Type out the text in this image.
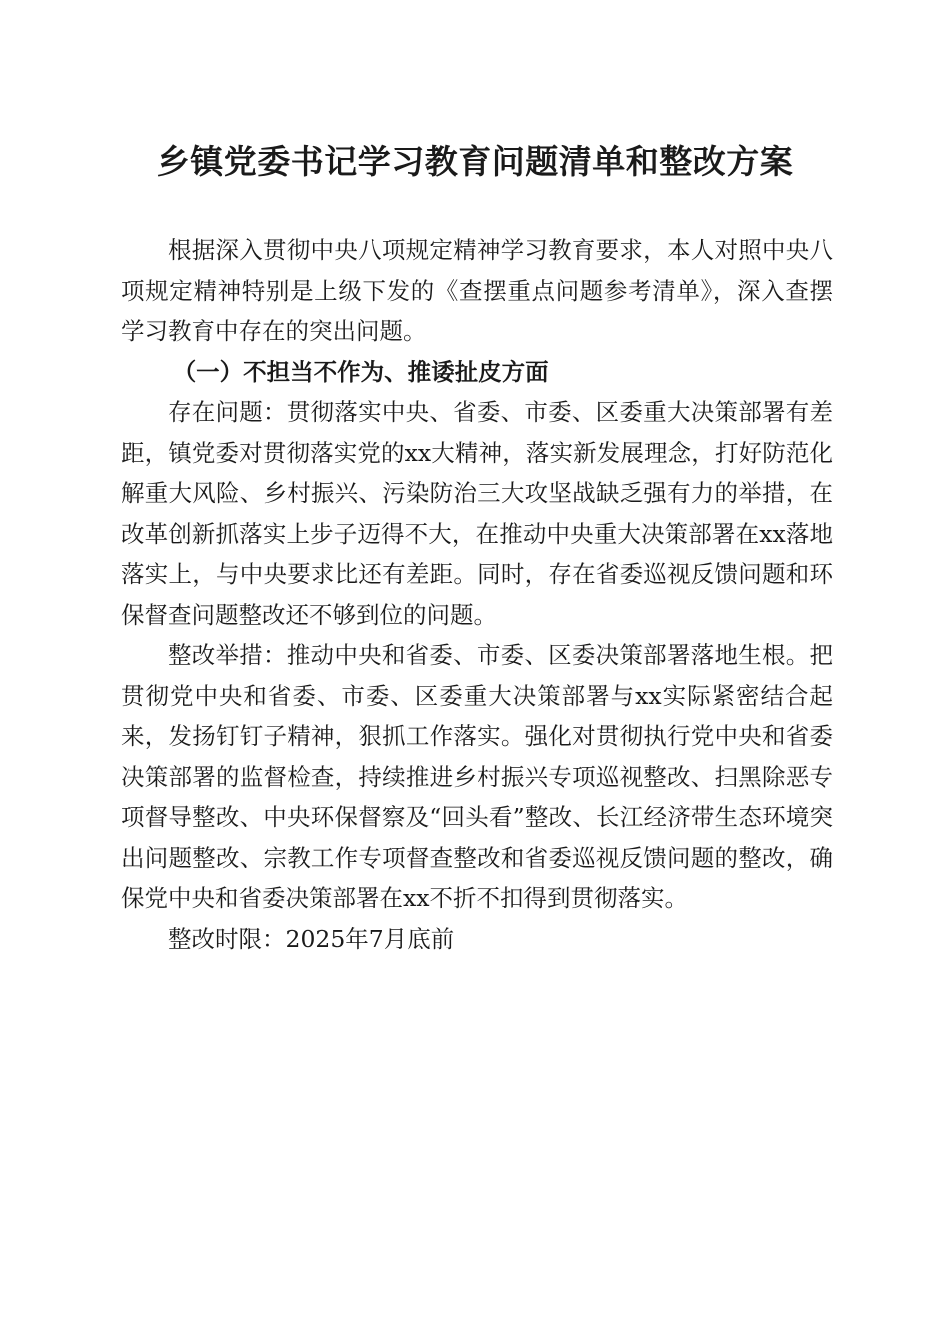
乡镇党委书记学习教育问题清单和整改方案

根据深入贯彻中央八项规定精神学习教育要求，本人对照中央八项规定精神特别是上级下发的《查摆重点问题参考清单》，深入查摆学习教育中存在的突出问题。

（一）不担当不作为、推诿扯皮方面

存在问题：贯彻落实中央、省委、市委、区委重大决策部署有差距，镇党委对贯彻落实党的xx大精神，落实新发展理念，打好防范化解重大风险、乡村振兴、污染防治三大攻坚战缺乏强有力的举措，在改革创新抓落实上步子迈得不大，在推动中央重大决策部署在xx落地落实上，与中央要求比还有差距。同时，存在省委巡视反馈问题和环保督查问题整改还不够到位的问题。

整改举措：推动中央和省委、市委、区委决策部署落地生根。把贯彻党中央和省委、市委、区委重大决策部署与xx实际紧密结合起来，发扬钉钉子精神，狠抓工作落实。强化对贯彻执行党中央和省委决策部署的监督检查，持续推进乡村振兴专项巡视整改、扫黑除恶专项督导整改、中央环保督察及“回头看”整改、长江经济带生态环境突出问题整改、宗教工作专项督查整改和省委巡视反馈问题的整改，确保党中央和省委决策部署在xx不折不扣得到贯彻落实。

整改时限：2025年7月底前
